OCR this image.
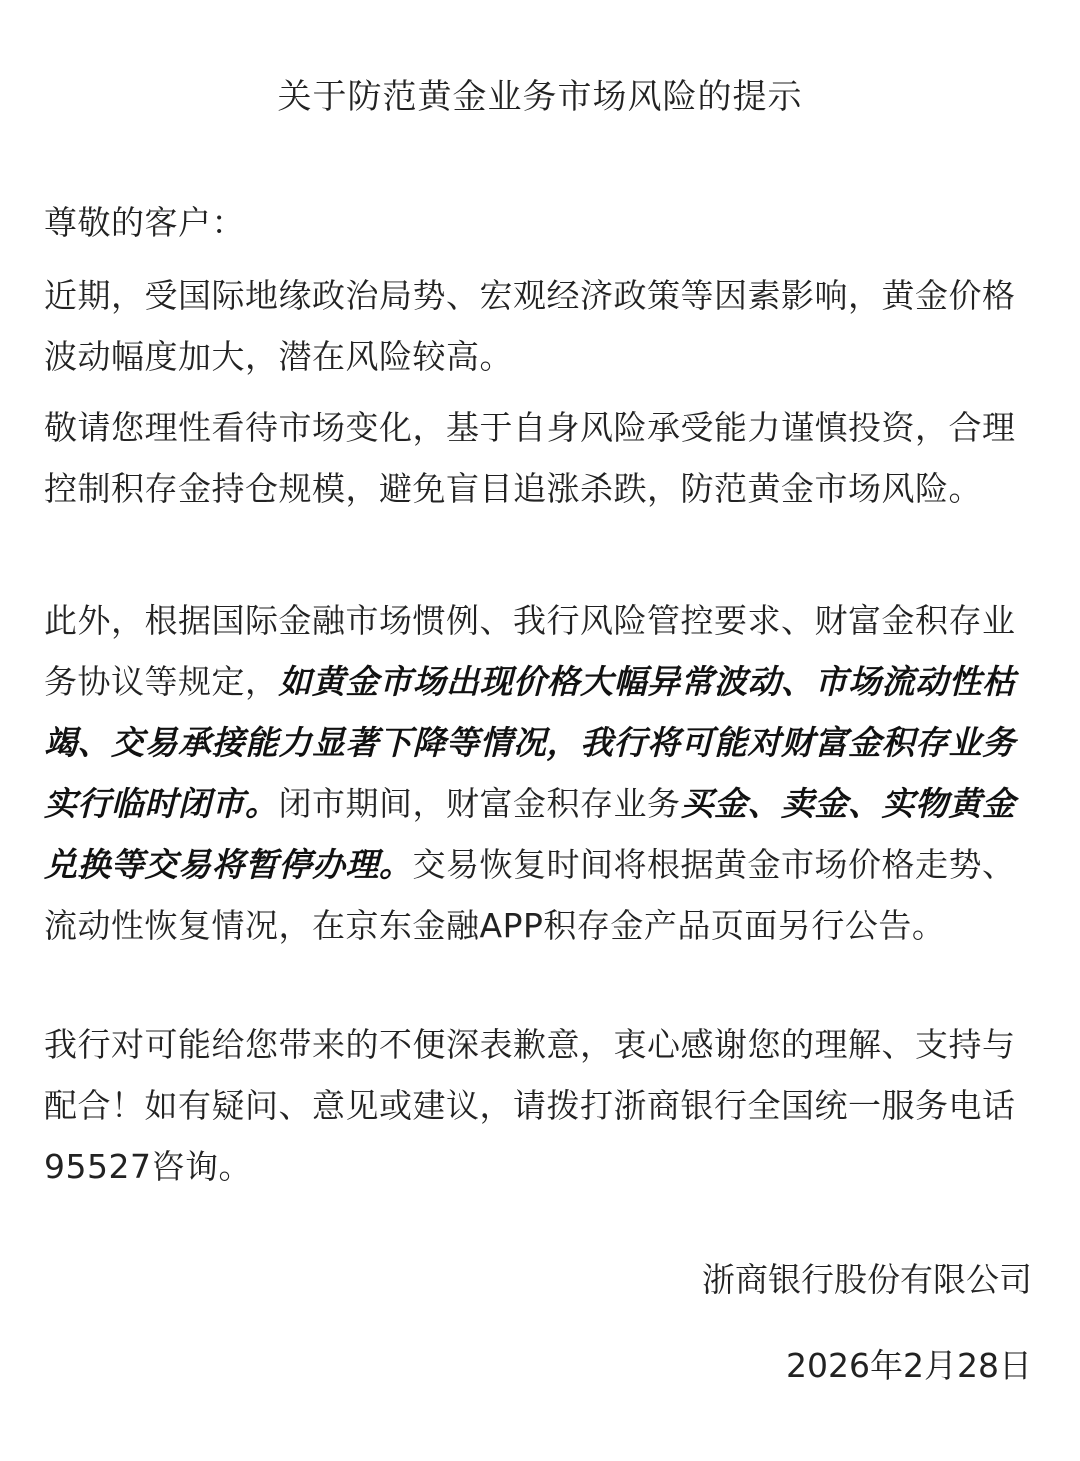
关于防范黄金业务市场风险的提示
尊敬的客户：
近期，受国际地缘政治局势、宏观经济政策等因素影响，黄金价格波动幅度加大，潜在风险较高。
敬请您理性看待市场变化，基于自身风险承受能力谨慎投资，合理控制积存金持仓规模，避免盲目追涨杀跌，防范黄金市场风险。
此外，根据国际金融市场惯例、我行风险管控要求、财富金积存业务协议等规定，如黄金市场出现价格大幅异常波动、市场流动性枯竭、交易承接能力显著下降等情况，我行将可能对财富金积存业务实行临时闭市。闭市期间，财富金积存业务买金、卖金、实物黄金兑换等交易将暂停办理。交易恢复时间将根据黄金市场价格走势、流动性恢复情况，在京东金融APP积存金产品页面另行公告。
我行对可能给您带来的不便深表歉意，衷心感谢您的理解、支持与配合！如有疑问、意见或建议，请拨打浙商银行全国统一服务电话95527咨询。
浙商银行股份有限公司
2026年2月28日
